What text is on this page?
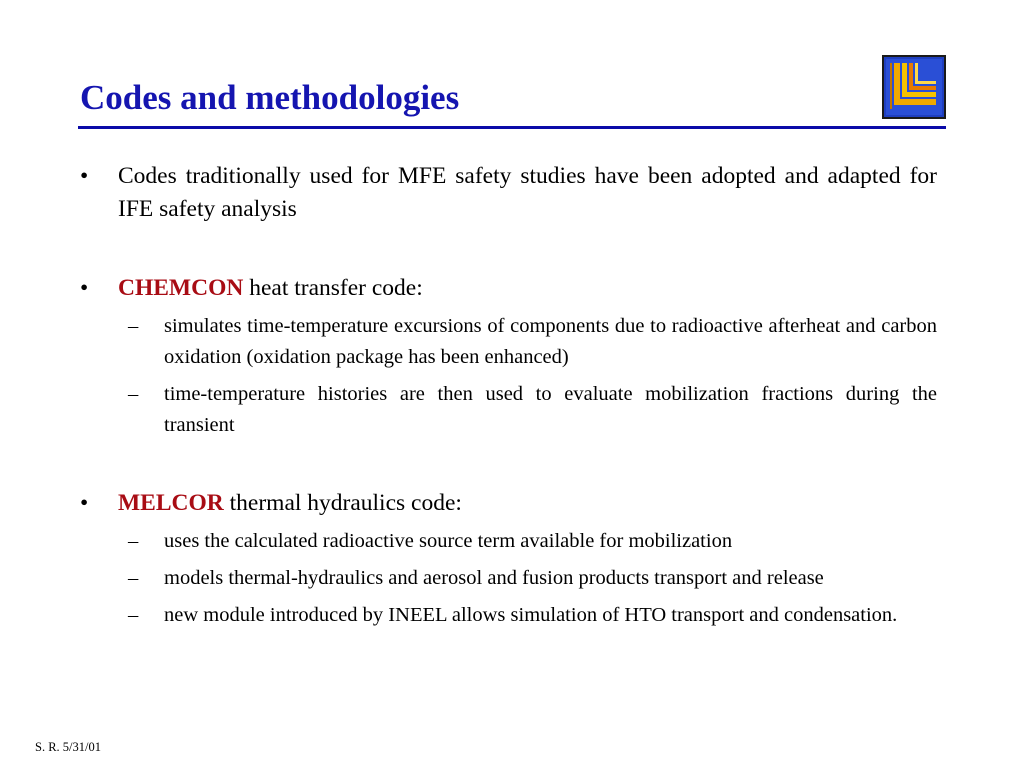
Codes and methodologies
•	Codes traditionally used for MFE safety studies have been adopted and adapted for IFE safety analysis
•	CHEMCON heat transfer code:
– simulates time-temperature excursions of components due to radioactive afterheat and carbon oxidation (oxidation package has been enhanced)
– time-temperature histories are then used to evaluate mobilization fractions during the transient
•	MELCOR thermal hydraulics code:
– uses the calculated radioactive source term available for mobilization
– models thermal-hydraulics and aerosol and fusion products transport and release
– new module introduced by INEEL allows simulation of HTO transport and condensation.
S. R. 5/31/01
